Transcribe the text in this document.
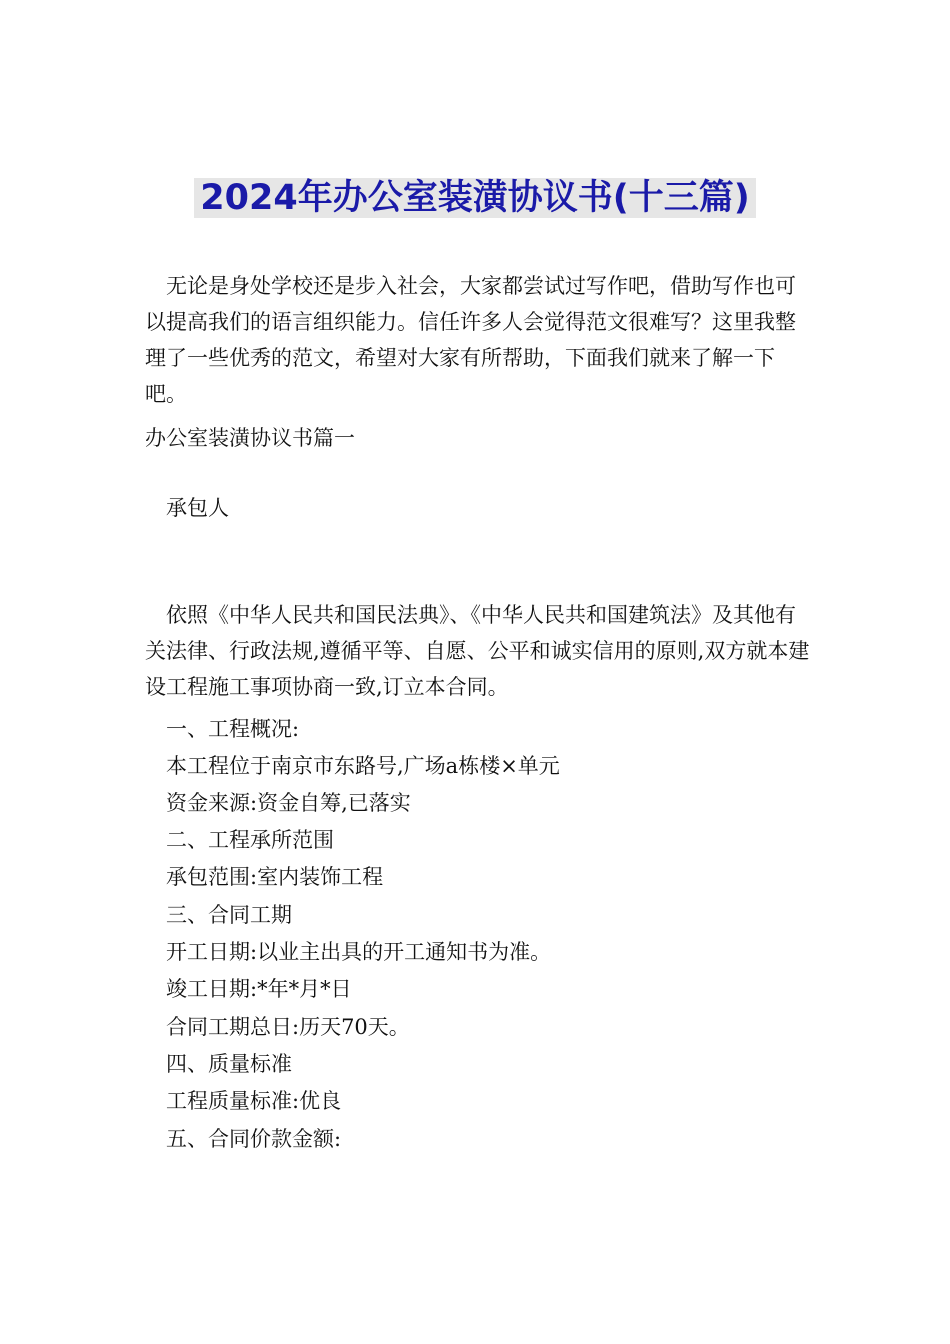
2024年办公室装潢协议书(十三篇)

无论是身处学校还是步入社会，大家都尝试过写作吧，借助写作也可以提高我们的语言组织能力。信任许多人会觉得范文很难写？这里我整理了一些优秀的范文，希望对大家有所帮助，下面我们就来了解一下吧。

办公室装潢协议书篇一
承包人

依照《中华人民共和国民法典》、《中华人民共和国建筑法》及其他有关法律、行政法规,遵循平等、自愿、公平和诚实信用的原则,双方就本建设工程施工事项协商一致,订立本合同。

一、工程概况:
本工程位于南京市东路号,广场a栋楼×单元
资金来源:资金自筹,已落实
二、工程承所范围
承包范围:室内装饰工程
三、合同工期
开工日期:以业主出具的开工通知书为准。
竣工日期:*年*月*日
合同工期总日:历天70天。
四、质量标准
工程质量标准:优良
五、合同价款金额:
